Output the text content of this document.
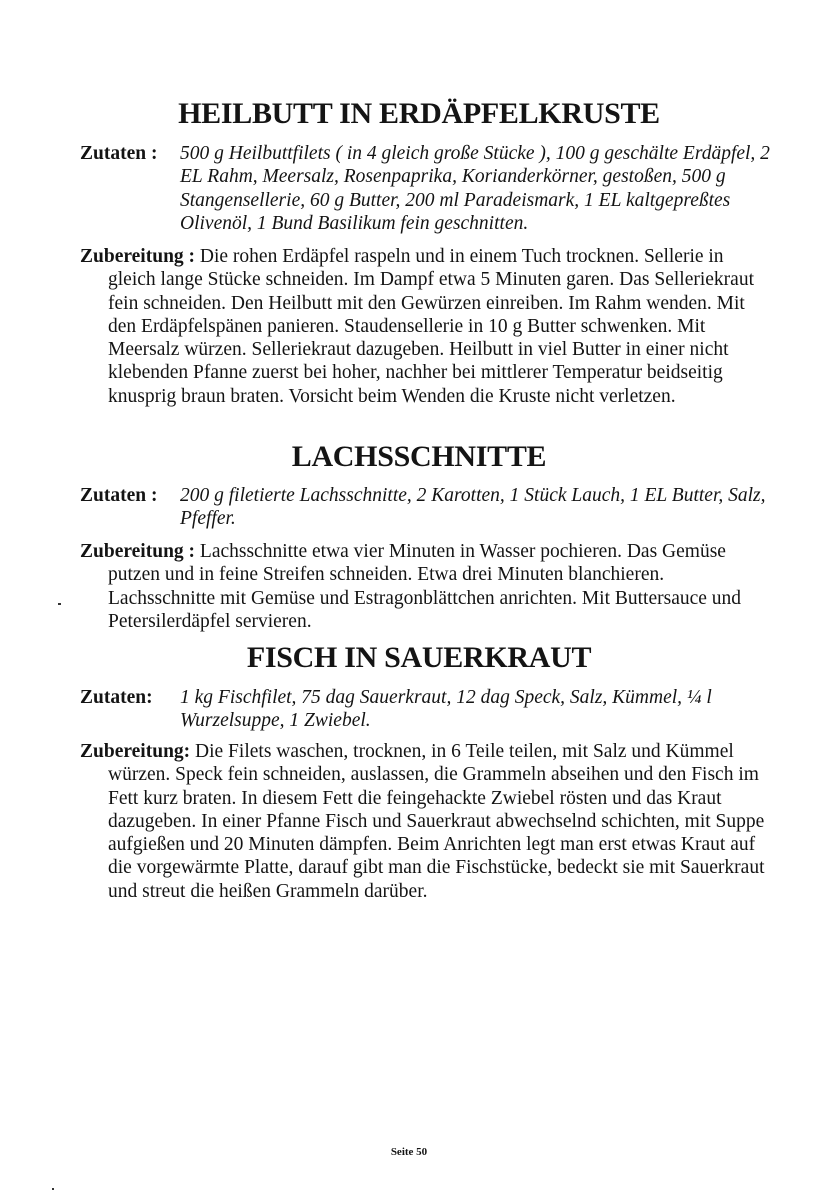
HEILBUTT IN ERDÄPFELKRUSTE
Zutaten : 500 g Heilbuttfilets ( in 4 gleich große Stücke ), 100 g geschälte Erdäpfel, 2 EL Rahm, Meersalz, Rosenpaprika, Korianderkörner, gestoßen, 500 g Stangensellerie, 60 g Butter, 200 ml Paradeismark, 1 EL kaltgepreßtes Olivenöl, 1 Bund Basilikum fein geschnitten.
Zubereitung : Die rohen Erdäpfel raspeln und in einem Tuch trocknen. Sellerie in gleich lange Stücke schneiden. Im Dampf etwa 5 Minuten garen. Das Selleriekraut fein schneiden. Den Heilbutt mit den Gewürzen einreiben. Im Rahm wenden. Mit den Erdäpfelspänen panieren. Staudensellerie in 10 g Butter schwenken. Mit Meersalz würzen. Selleriekraut dazugeben. Heilbutt in viel Butter in einer nicht klebenden Pfanne zuerst bei hoher, nachher bei mittlerer Temperatur beidseitig knusprig braun braten. Vorsicht beim Wenden die Kruste nicht verletzen.
LACHSSCHNITTE
Zutaten : 200 g filetierte Lachsschnitte, 2 Karotten, 1 Stück Lauch, 1 EL Butter, Salz, Pfeffer.
Zubereitung : Lachsschnitte etwa vier Minuten in Wasser pochieren. Das Gemüse putzen und in feine Streifen schneiden. Etwa drei Minuten blanchieren. Lachsschnitte mit Gemüse und Estragonblättchen anrichten. Mit Buttersauce und Petersilerdäpfel servieren.
FISCH IN SAUERKRAUT
Zutaten: 1 kg Fischfilet, 75 dag Sauerkraut, 12 dag Speck, Salz, Kümmel, ¼ l Wurzelsuppe, 1 Zwiebel.
Zubereitung: Die Filets waschen, trocknen, in 6 Teile teilen, mit Salz und Kümmel würzen. Speck fein schneiden, auslassen, die Grammeln abseihen und den Fisch im Fett kurz braten. In diesem Fett die feingehackte Zwiebel rösten und das Kraut dazugeben. In einer Pfanne Fisch und Sauerkraut abwechselnd schichten, mit Suppe aufgießen und 20 Minuten dämpfen. Beim Anrichten legt man erst etwas Kraut auf die vorgewärmte Platte, darauf gibt man die Fischstücke, bedeckt sie mit Sauerkraut und streut die heißen Grammeln darüber.
Seite 50
